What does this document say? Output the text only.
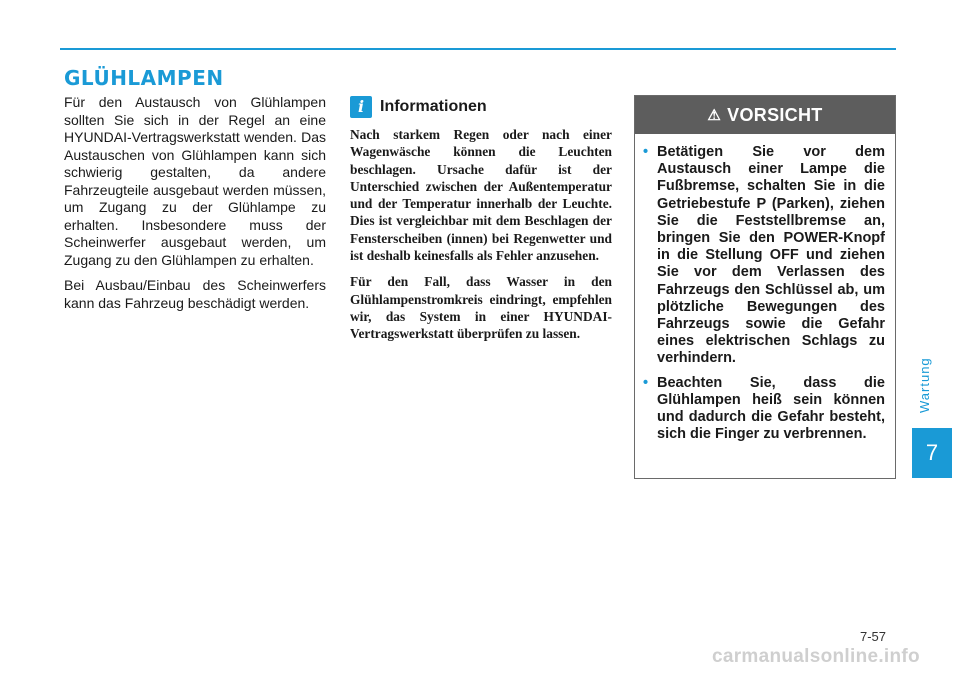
GLÜHLAMPEN

Für den Austausch von Glühlampen sollten Sie sich in der Regel an eine HYUNDAI-Vertragswerkstatt wenden. Das Austauschen von Glühlampen kann sich schwierig gestalten, da andere Fahrzeugteile ausgebaut werden müssen, um Zugang zu der Glühlampe zu erhalten. Insbesondere muss der Scheinwerfer ausgebaut werden, um Zugang zu den Glühlampen zu erhalten.

Bei Ausbau/Einbau des Scheinwerfers kann das Fahrzeug beschädigt werden.

i Informationen

Nach starkem Regen oder nach einer Wagenwäsche können die Leuchten beschlagen. Ursache dafür ist der Unterschied zwischen der Außentemperatur und der Temperatur innerhalb der Leuchte. Dies ist vergleichbar mit dem Beschlagen der Fensterscheiben (innen) bei Regenwetter und ist deshalb keinesfalls als Fehler anzusehen.

Für den Fall, dass Wasser in den Glühlampenstromkreis eindringt, empfehlen wir, das System in einer HYUNDAI-Vertragswerkstatt überprüfen zu lassen.

⚠ VORSICHT
• Betätigen Sie vor dem Austausch einer Lampe die Fußbremse, schalten Sie in die Getriebestufe P (Parken), ziehen Sie die Feststellbremse an, bringen Sie den POWER-Knopf in die Stellung OFF und ziehen Sie vor dem Verlassen des Fahrzeugs den Schlüssel ab, um plötzliche Bewegungen des Fahrzeugs sowie die Gefahr eines elektrischen Schlags zu verhindern.
• Beachten Sie, dass die Glühlampen heiß sein können und dadurch die Gefahr besteht, sich die Finger zu verbrennen.
Wartung
7
7-57
carmanualsonline.info
